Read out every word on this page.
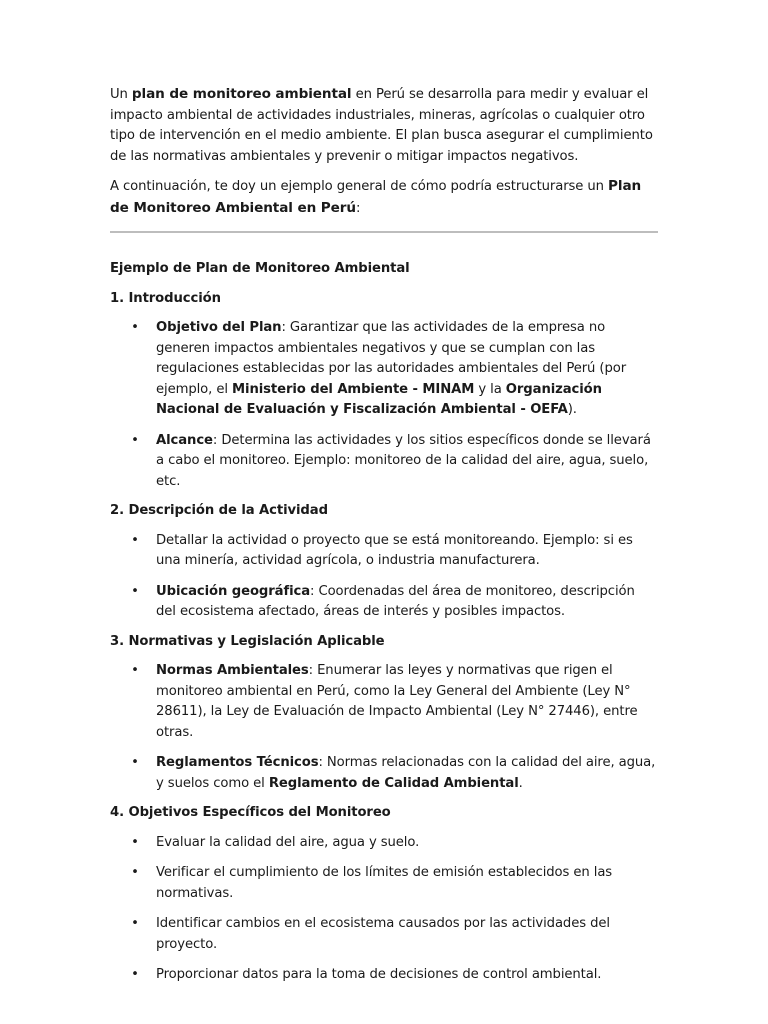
Un plan de monitoreo ambiental en Perú se desarrolla para medir y evaluar el impacto ambiental de actividades industriales, mineras, agrícolas o cualquier otro tipo de intervención en el medio ambiente. El plan busca asegurar el cumplimiento de las normativas ambientales y prevenir o mitigar impactos negativos.

A continuación, te doy un ejemplo general de cómo podría estructurarse un Plan de Monitoreo Ambiental en Perú:

Ejemplo de Plan de Monitoreo Ambiental

1. Introducción

• Objetivo del Plan: Garantizar que las actividades de la empresa no generen impactos ambientales negativos y que se cumplan con las regulaciones establecidas por las autoridades ambientales del Perú (por ejemplo, el Ministerio del Ambiente - MINAM y la Organización Nacional de Evaluación y Fiscalización Ambiental - OEFA).
• Alcance: Determina las actividades y los sitios específicos donde se llevará a cabo el monitoreo. Ejemplo: monitoreo de la calidad del aire, agua, suelo, etc.

2. Descripción de la Actividad

• Detallar la actividad o proyecto que se está monitoreando. Ejemplo: si es una minería, actividad agrícola, o industria manufacturera.
• Ubicación geográfica: Coordenadas del área de monitoreo, descripción del ecosistema afectado, áreas de interés y posibles impactos.

3. Normativas y Legislación Aplicable

• Normas Ambientales: Enumerar las leyes y normativas que rigen el monitoreo ambiental en Perú, como la Ley General del Ambiente (Ley N° 28611), la Ley de Evaluación de Impacto Ambiental (Ley N° 27446), entre otras.
• Reglamentos Técnicos: Normas relacionadas con la calidad del aire, agua, y suelos como el Reglamento de Calidad Ambiental.

4. Objetivos Específicos del Monitoreo

• Evaluar la calidad del aire, agua y suelo.
• Verificar el cumplimiento de los límites de emisión establecidos en las normativas.
• Identificar cambios en el ecosistema causados por las actividades del proyecto.
• Proporcionar datos para la toma de decisiones de control ambiental.
